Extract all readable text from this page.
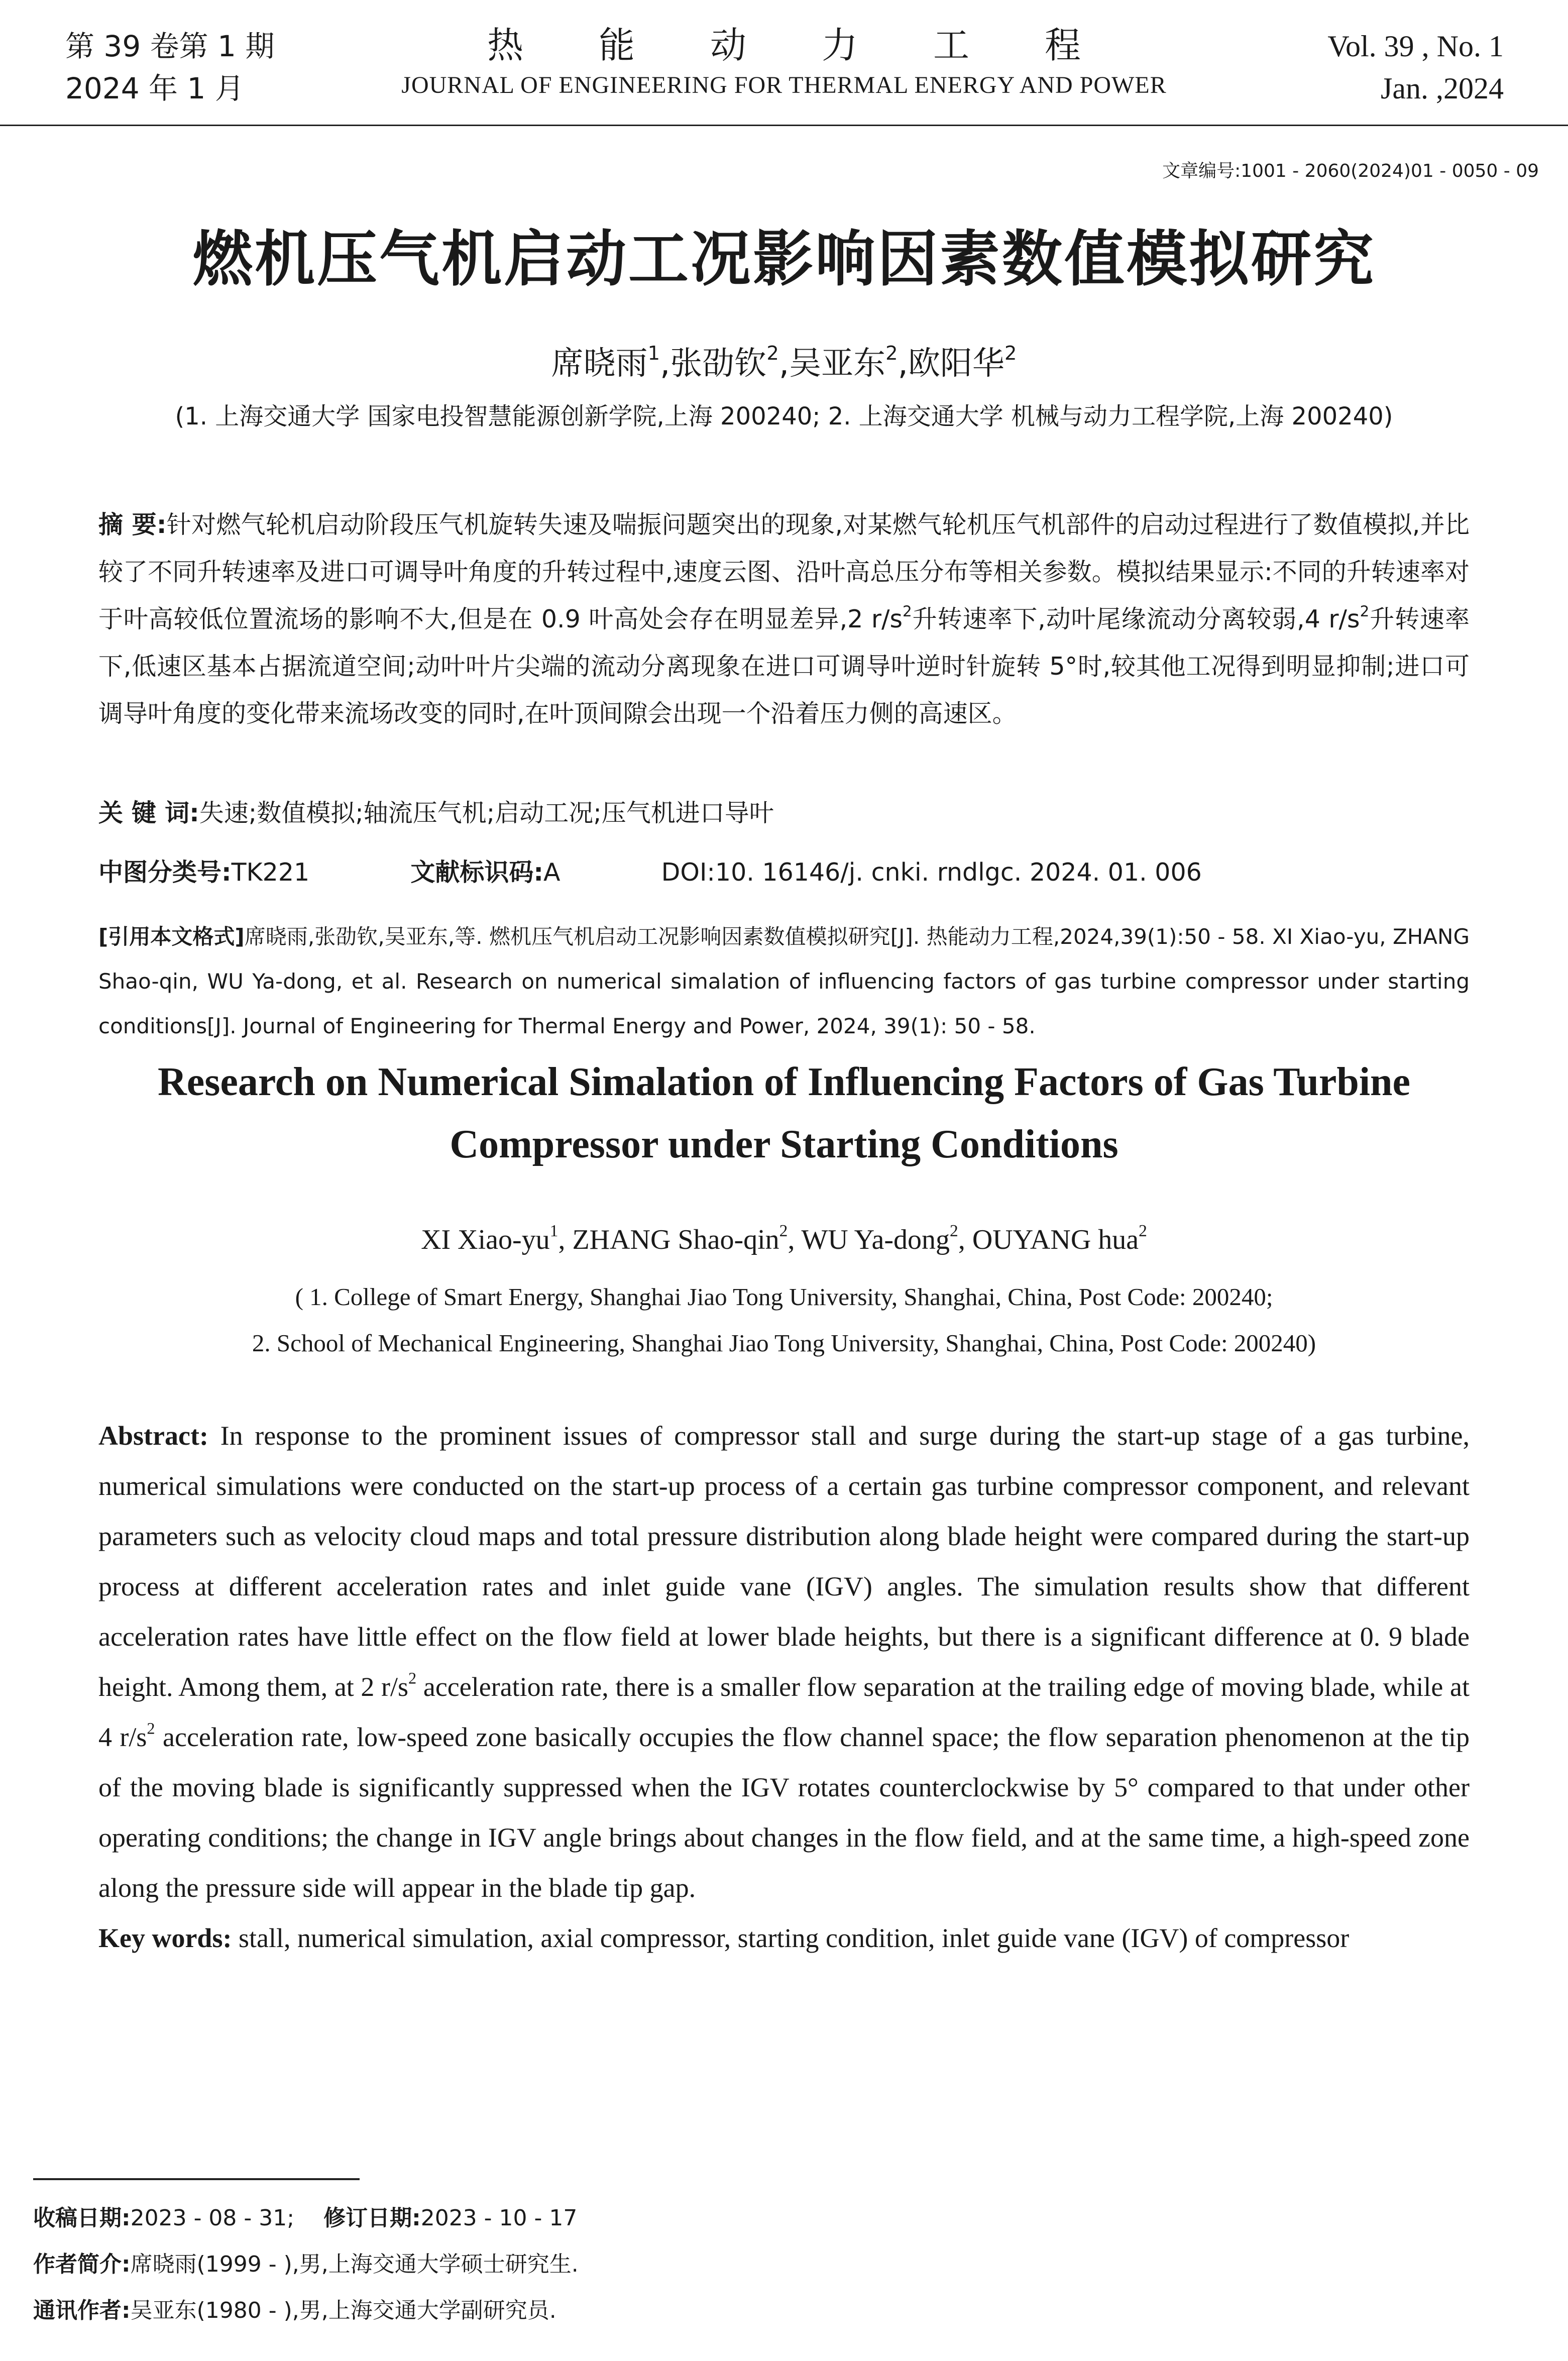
第 39 卷第 1 期
2024 年 1 月
热能动力工程
JOURNAL OF ENGINEERING FOR THERMAL ENERGY AND POWER
Vol. 39 , No. 1
Jan. ,2024
文章编号:1001 - 2060(2024)01 - 0050 - 09
燃机压气机启动工况影响因素数值模拟研究
席晓雨$^1$,张劭钦$^2$,吴亚东$^2$,欧阳华$^2$
(1. 上海交通大学 国家电投智慧能源创新学院,上海 200240; 2. 上海交通大学 机械与动力工程学院,上海 200240)
摘 要:针对燃气轮机启动阶段压气机旋转失速及喘振问题突出的现象,对某燃气轮机压气机部件的启动过程进行了数值模拟,并比较了不同升转速率及进口可调导叶角度的升转过程中,速度云图、沿叶高总压分布等相关参数。模拟结果显示:不同的升转速率对于叶高较低位置流场的影响不大,但是在 0.9 叶高处会存在明显差异,2 $r/s^2$升转速率下,动叶尾缘流动分离较弱,4 $r/s^2$升转速率下,低速区基本占据流道空间;动叶叶片尖端的流动分离现象在进口可调导叶逆时针旋转 5°时,较其他工况得到明显抑制;进口可调导叶角度的变化带来流场改变的同时,在叶顶间隙会出现一个沿着压力侧的高速区。
关 键 词:失速;数值模拟;轴流压气机;启动工况;压气机进口导叶
中图分类号:TK221	文献标识码:A	DOI:10. 16146/j. cnki. rndlgc. 2024. 01. 006
[引用本文格式]席晓雨,张劭钦,吴亚东,等. 燃机压气机启动工况影响因素数值模拟研究[J]. 热能动力工程,2024,39(1):50 - 58. XI Xiao-yu, ZHANG Shao-qin, WU Ya-dong, et al. Research on numerical simalation of influencing factors of gas turbine compressor under starting conditions[J]. Journal of Engineering for Thermal Energy and Power, 2024, 39(1): 50 - 58.
Research on Numerical Simalation of Influencing Factors of Gas Turbine Compressor under Starting Conditions
XI Xiao-$yu^1$, ZHANG Shao-qin$^2$, WU Ya-dong$^2$, OUYANG hua$^2$
( 1. College of Smart Energy, Shanghai Jiao Tong University, Shanghai, China, Post Code: 200240;
2. School of Mechanical Engineering, Shanghai Jiao Tong University, Shanghai, China, Post Code: 200240)
Abstract: In response to the prominent issues of compressor stall and surge during the start-up stage of a gas turbine, numerical simulations were conducted on the start-up process of a certain gas turbine compressor component, and relevant parameters such as velocity cloud maps and total pressure distribution along blade height were compared during the start-up process at different acceleration rates and inlet guide vane (IGV) angles. The simulation results show that different acceleration rates have little effect on the flow field at lower blade heights, but there is a significant difference at 0. 9 blade height. Among them, at 2 $r/s^2$ acceleration rate, there is a smaller flow separation at the trailing edge of moving blade, while at 4 $r/s^2$ acceleration rate, low-speed zone basically occupies the flow channel space; the flow separation phenomenon at the tip of the moving blade is significantly suppressed when the IGV rotates counterclockwise by 5° compared to that under other operating conditions; the change in IGV angle brings about changes in the flow field, and at the same time, a high-speed zone along the pressure side will appear in the blade tip gap.
Key words: stall, numerical simulation, axial compressor, starting condition, inlet guide vane (IGV) of compressor
收稿日期:2023 - 08 - 31; 修订日期:2023 - 10 - 17
作者简介:席晓雨(1999 - ),男,上海交通大学硕士研究生.
通讯作者:吴亚东(1980 - ),男,上海交通大学副研究员.
